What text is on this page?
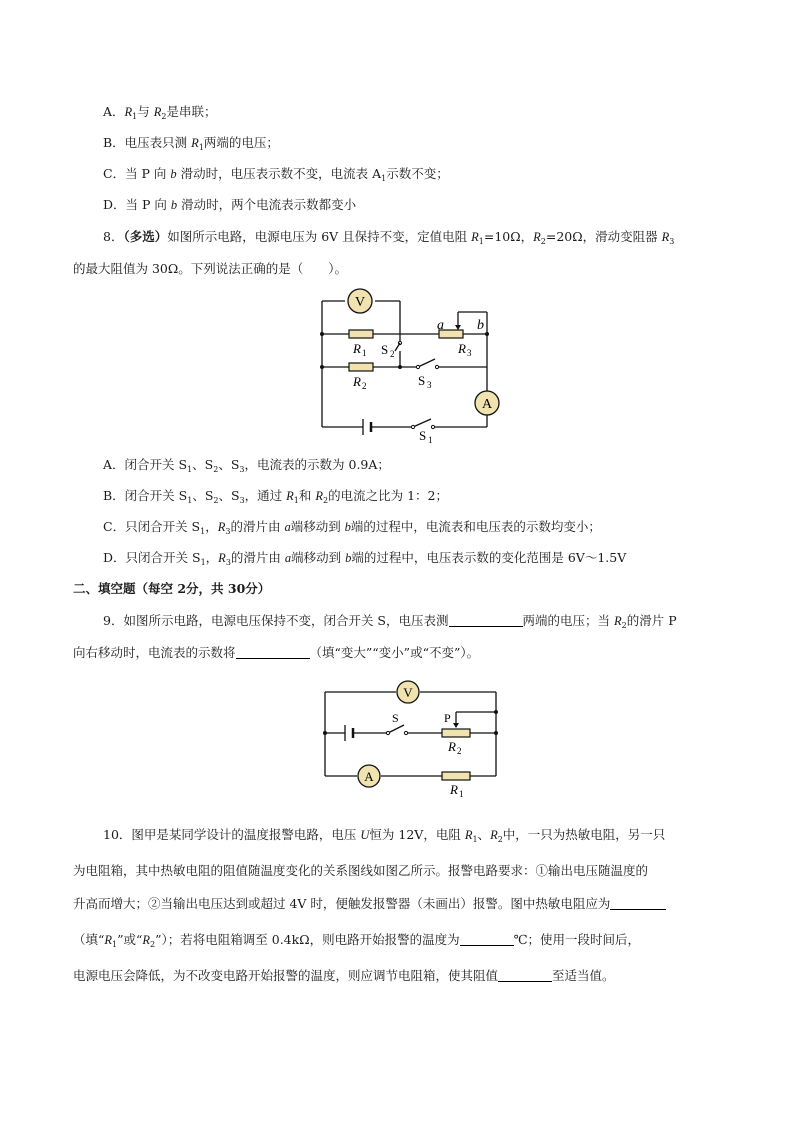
A．$R_1$与 $R_2$是串联；
B．电压表只测 $R_1$两端的电压；
C．当 P 向 b 滑动时，电压表示数不变，电流表 $A_1$示数不变；
D．当 P 向 b 滑动时，两个电流表示数都变小
8．（多选）如图所示电路，电源电压为 6V 且保持不变，定值电阻 $R_1=10\Omega$，$R_2=20\Omega$，滑动变阻器 $R_3$
的最大阻值为 30Ω。下列说法正确的是（　　）。
V
A
R 1
R 2
R 3
S 2
S 3
S 1
a b
A．闭合开关 $S_1$、$S_2$、$S_3$，电流表的示数为 0.9A；
B．闭合开关 $S_1$、$S_2$、$S_3$，通过 $R_1$和 $R_2$的电流之比为 1：2；
C．只闭合开关 $S_1$，$R_3$的滑片由 a端移动到 b端的过程中，电流表和电压表的示数均变小；
D．只闭合开关 $S_1$，$R_3$的滑片由 a端移动到 b端的过程中，电压表示数的变化范围是 6V～1.5V
二、填空题（每空 2分，共 30分）
9．如图所示电路，电源电压保持不变，闭合开关 S，电压表测	两端的电压；当 $R_2$的滑片 P
向右移动时，电流表的示数将	（填“变大”“变小”或“不变”）。
V
A
S	P
R 2
R 1
10．图甲是某同学设计的温度报警电路，电压 U恒为 12V，电阻 $R_1$、$R_2$中，一只为热敏电阻，另一只
为电阻箱，其中热敏电阻的阻值随温度变化的关系图线如图乙所示。报警电路要求：①输出电压随温度的
升高而增大；②当输出电压达到或超过 4V 时，便触发报警器（未画出）报警。图中热敏电阻应为
（填“$R_1$”或“$R_2$”）；若将电阻箱调至 0.4kΩ，则电路开始报警的温度为	℃；使用一段时间后，
电源电压会降低，为不改变电路开始报警的温度，则应调节电阻箱，使其阻值	至适当值。
